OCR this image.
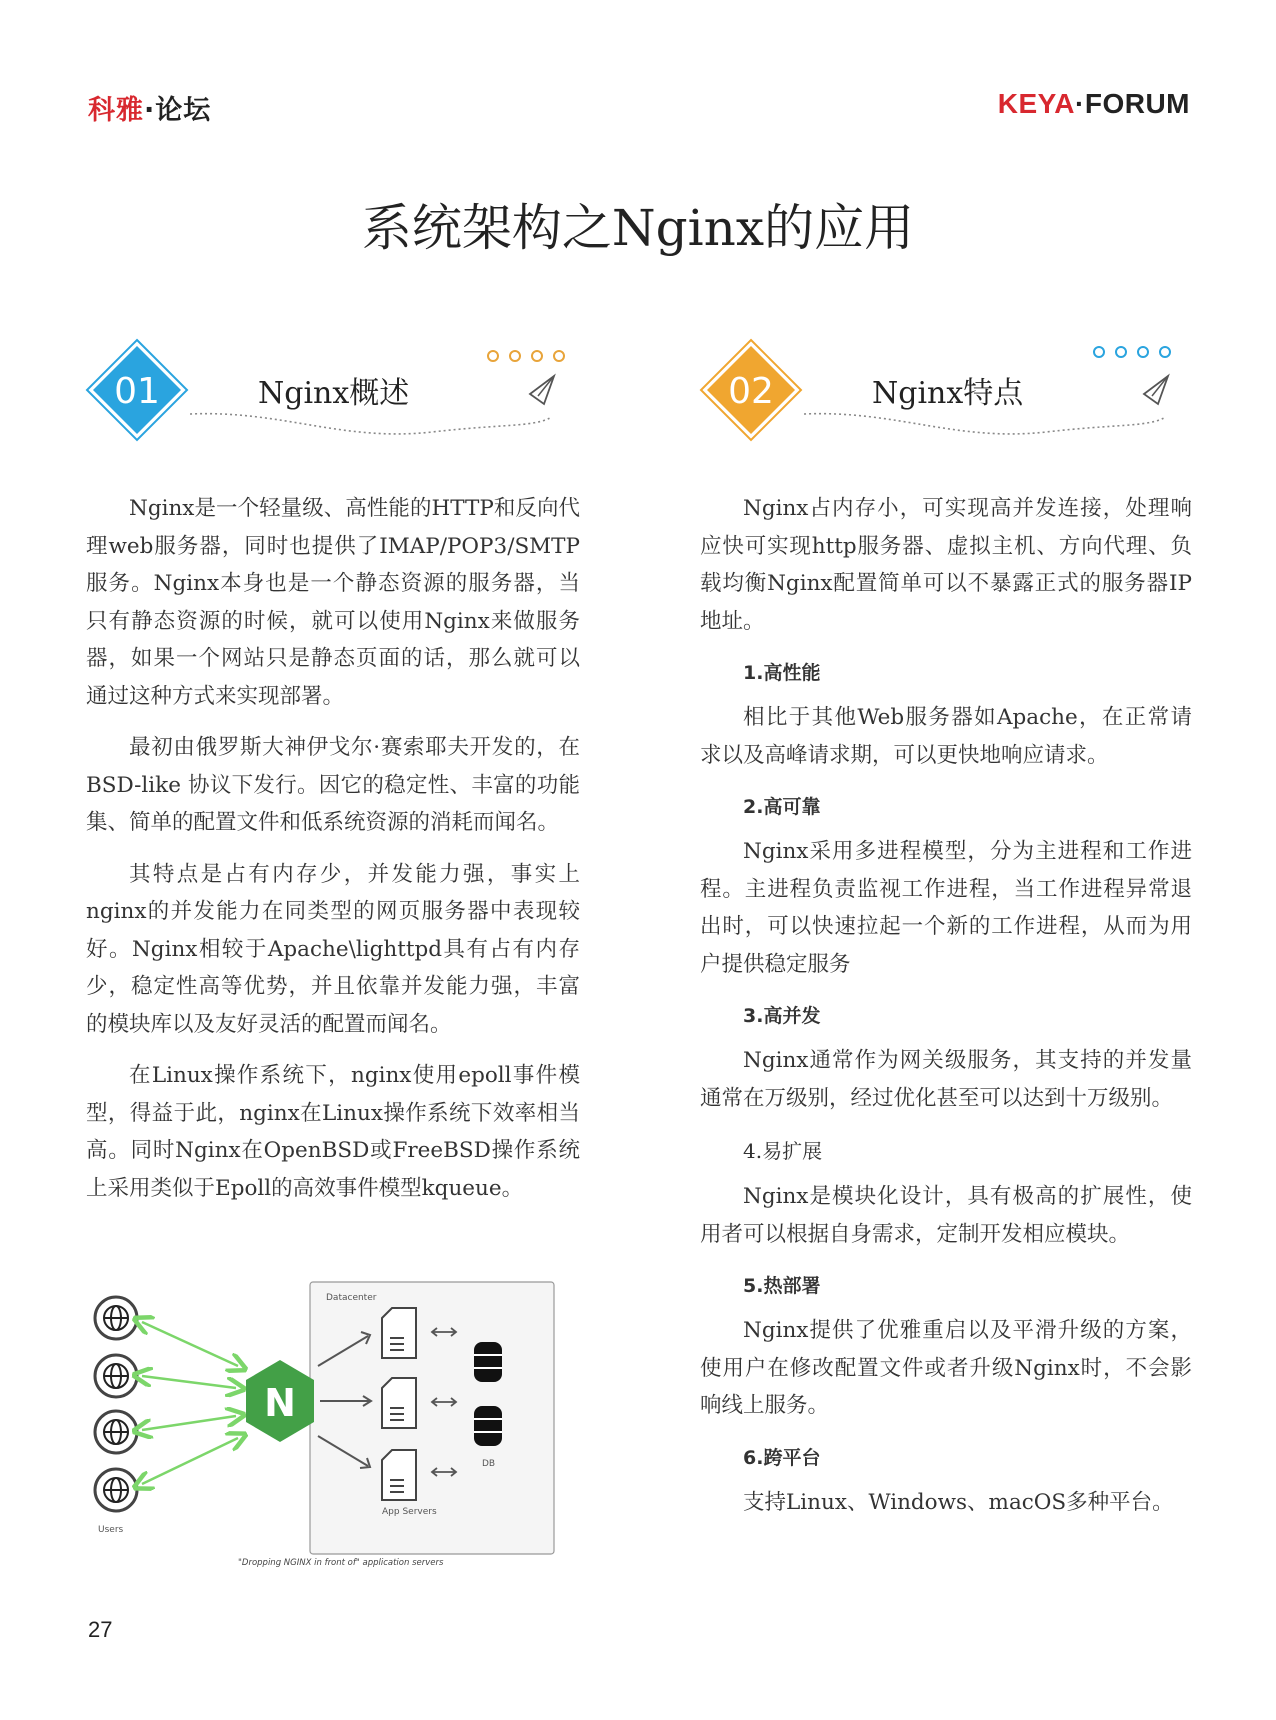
科雅·论坛	KEYA·FORUM
系统架构之Nginx的应用
01	Nginx概述	02	Nginx特点

Nginx是一个轻量级、高性能的HTTP和反向代理web服务器，同时也提供了IMAP/POP3/SMTP服务。Nginx本身也是一个静态资源的服务器，当只有静态资源的时候，就可以使用Nginx来做服务器，如果一个网站只是静态页面的话，那么就可以通过这种方式来实现部署。

最初由俄罗斯大神伊戈尔·赛索耶夫开发的，在BSD-like 协议下发行。因它的稳定性、丰富的功能集、简单的配置文件和低系统资源的消耗而闻名。

其特点是占有内存少，并发能力强，事实上nginx的并发能力在同类型的网页服务器中表现较好。Nginx相较于Apache\lighttpd具有占有内存少，稳定性高等优势，并且依靠并发能力强，丰富的模块库以及友好灵活的配置而闻名。

在Linux操作系统下，nginx使用epoll事件模型，得益于此，nginx在Linux操作系统下效率相当高。同时Nginx在OpenBSD或FreeBSD操作系统上采用类似于Epoll的高效事件模型kqueue。

Nginx占内存小，可实现高并发连接，处理响应快可实现http服务器、虚拟主机、方向代理、负载均衡Nginx配置简单可以不暴露正式的服务器IP地址。

1.高性能

相比于其他Web服务器如Apache，在正常请求以及高峰请求期，可以更快地响应请求。

2.高可靠

Nginx采用多进程模型，分为主进程和工作进程。主进程负责监视工作进程，当工作进程异常退出时，可以快速拉起一个新的工作进程，从而为用户提供稳定服务

3.高并发

Nginx通常作为网关级服务，其支持的并发量通常在万级别，经过优化甚至可以达到十万级别。

4.易扩展

Nginx是模块化设计，具有极高的扩展性，使用者可以根据自身需求，定制开发相应模块。

5.热部署

Nginx提供了优雅重启以及平滑升级的方案，使用户在修改配置文件或者升级Nginx时，不会影响线上服务。

6.跨平台

支持Linux、Windows、macOS多种平台。

Datacenter
Users
N
App Servers
DB
"Dropping NGINX in front of" application servers
27
